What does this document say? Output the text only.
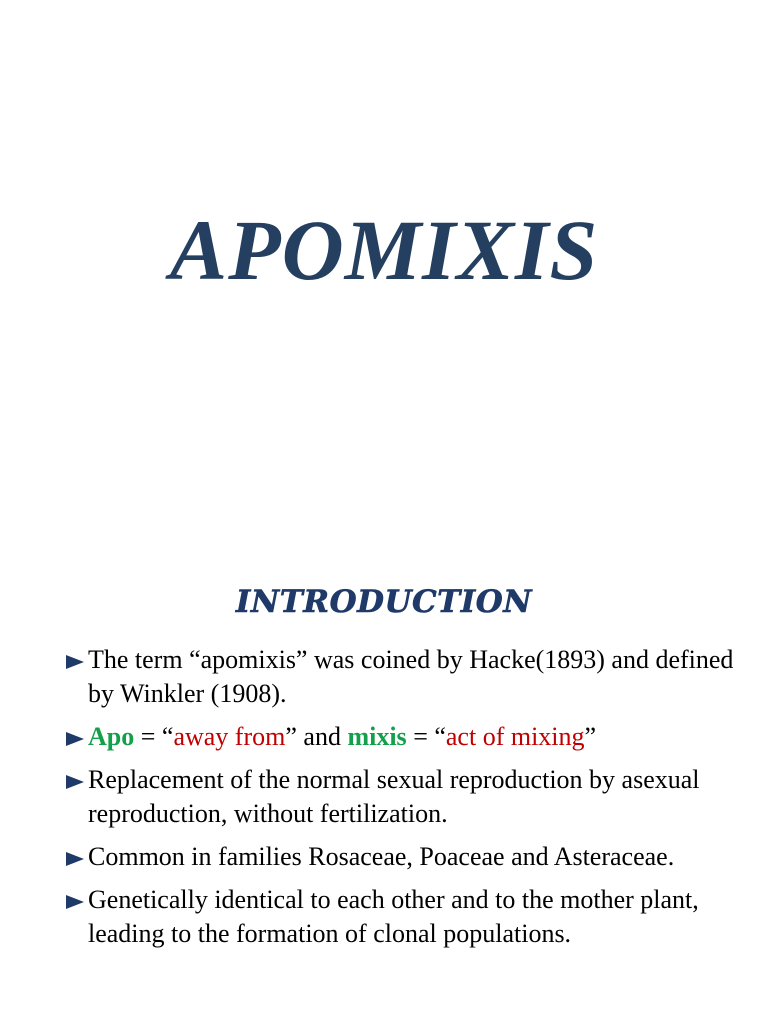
APOMIXIS
INTRODUCTION
The term “apomixis” was coined by Hacke(1893) and defined by Winkler (1908).
Apo = “away from” and mixis = “act of mixing”
Replacement of the normal sexual reproduction by asexual reproduction, without fertilization.
Common in families Rosaceae, Poaceae and Asteraceae.
Genetically identical to each other and to the mother plant, leading to the formation of clonal populations.
